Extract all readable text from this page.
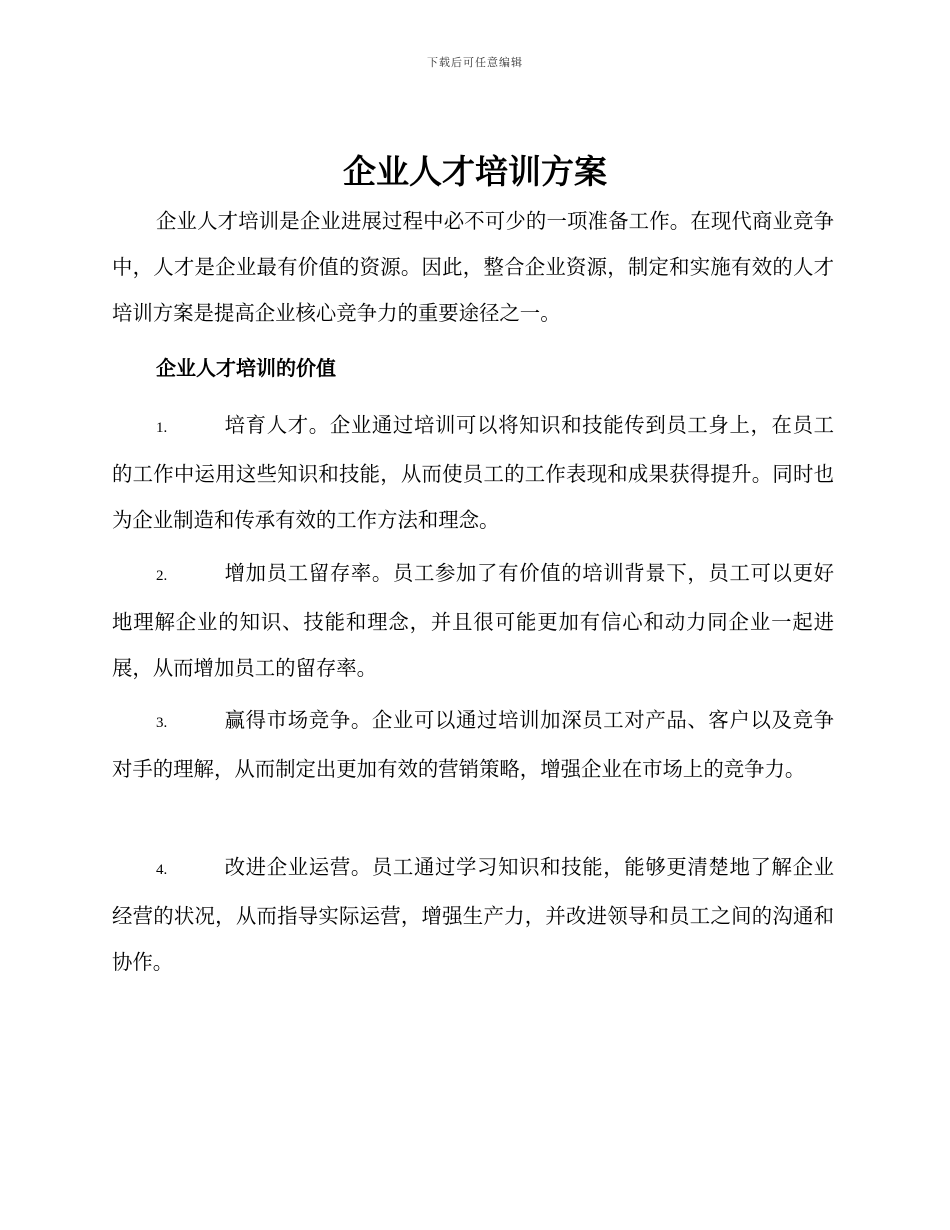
下载后可任意编辑
企业人才培训方案

企业人才培训是企业进展过程中必不可少的一项准备工作。在现代商业竞争中，人才是企业最有价值的资源。因此，整合企业资源，制定和实施有效的人才培训方案是提高企业核心竞争力的重要途径之一。

企业人才培训的价值

1.	培育人才。企业通过培训可以将知识和技能传到员工身上，在员工的工作中运用这些知识和技能，从而使员工的工作表现和成果获得提升。同时也为企业制造和传承有效的工作方法和理念。

2.	增加员工留存率。员工参加了有价值的培训背景下，员工可以更好地理解企业的知识、技能和理念，并且很可能更加有信心和动力同企业一起进展，从而增加员工的留存率。

3.	赢得市场竞争。企业可以通过培训加深员工对产品、客户以及竞争对手的理解，从而制定出更加有效的营销策略，增强企业在市场上的竞争力。

4.	改进企业运营。员工通过学习知识和技能，能够更清楚地了解企业经营的状况，从而指导实际运营，增强生产力，并改进领导和员工之间的沟通和协作。
